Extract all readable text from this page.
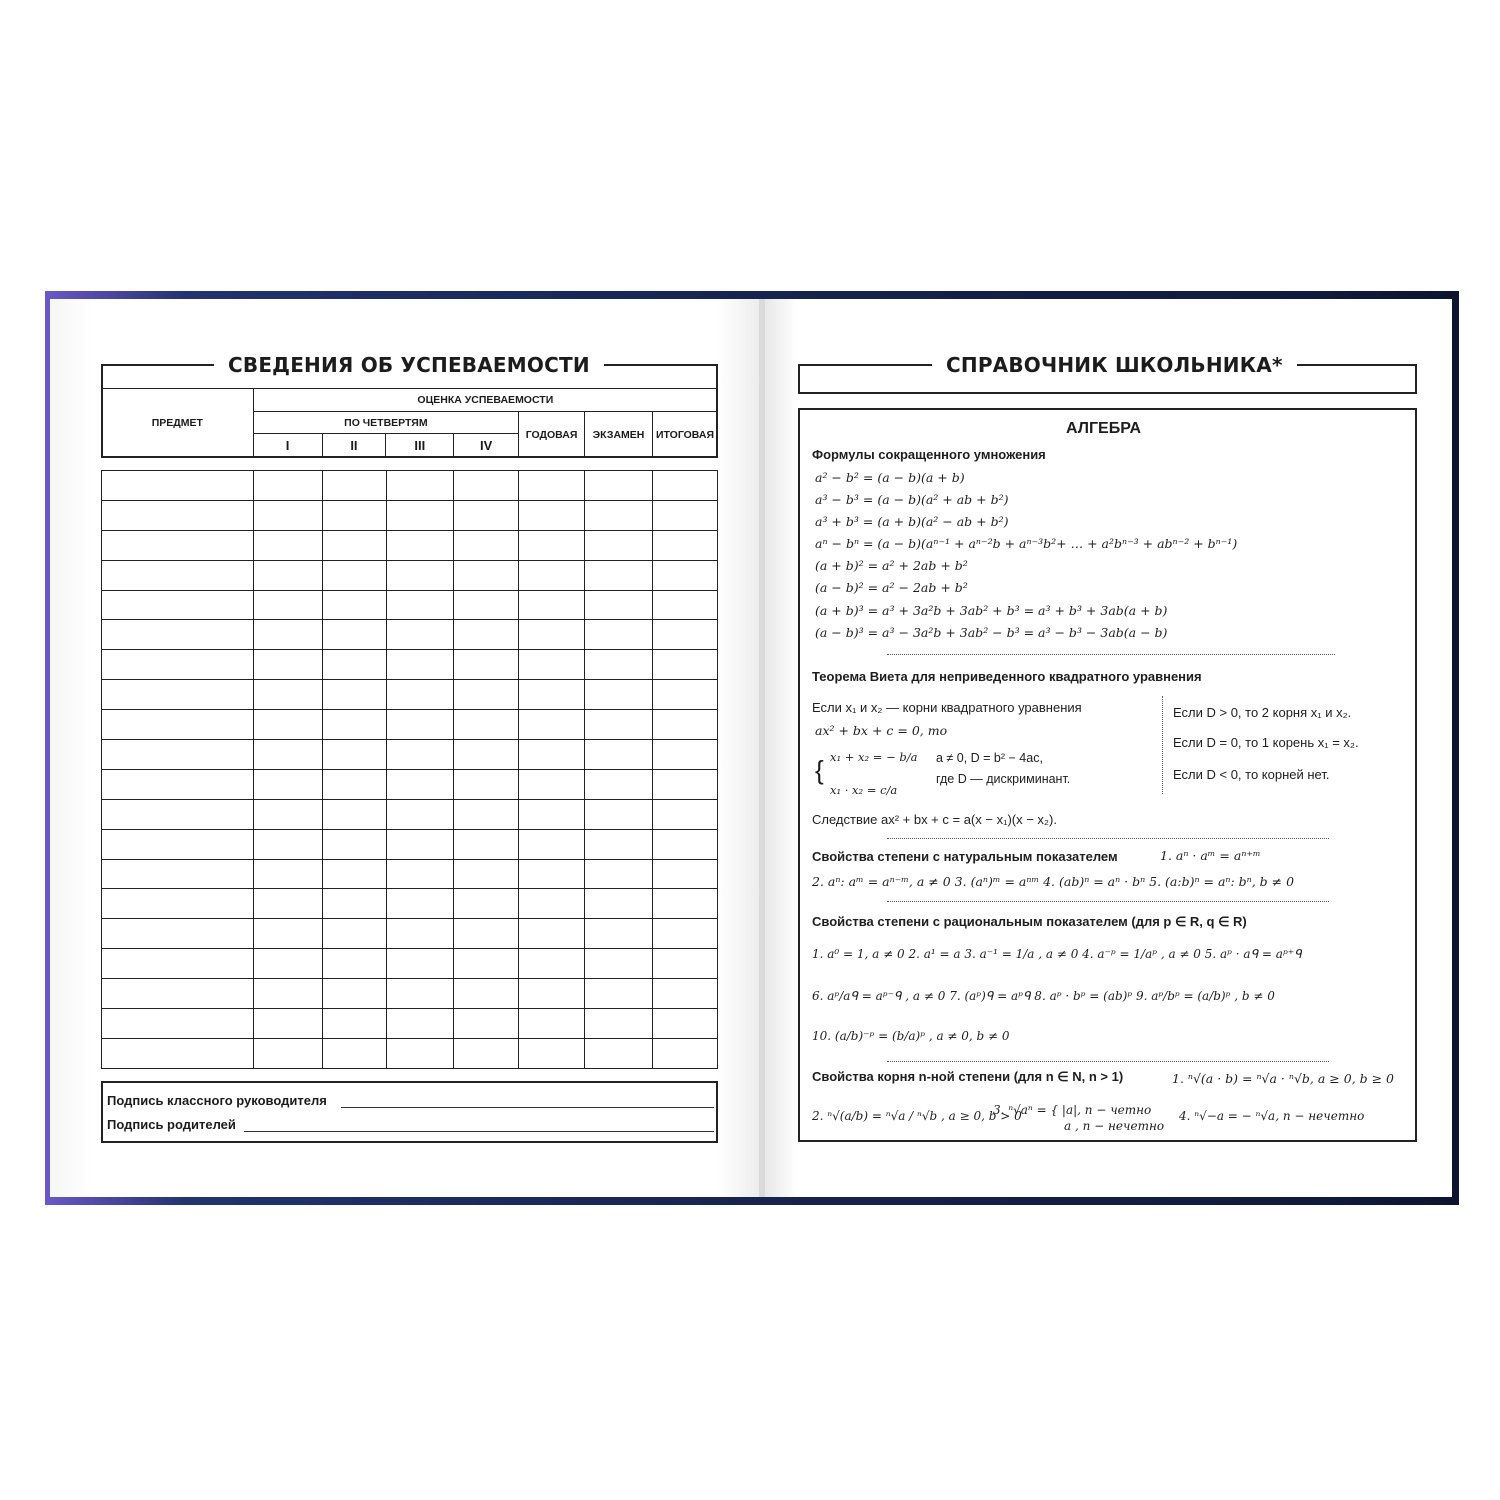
СВЕДЕНИЯ ОБ УСПЕВАЕМОСТИ
ПРЕДМЕТ	ОЦЕНКА УСПЕВАЕМОСТИ						
	ПО ЧЕТВЕРТЯМ				ГОДОВАЯ	ЭКЗАМЕН	ИТОГОВАЯ
	I	II	III	IV			

Подпись классного руководителя
Подпись родителей
СПРАВОЧНИК ШКОЛЬНИКА*
АЛГЕБРА
Формулы сокращенного умножения
a² − b² = (a − b)(a + b)
a³ − b³ = (a − b)(a² + ab + b²)
a³ + b³ = (a + b)(a² − ab + b²)
aⁿ − bⁿ = (a − b)(aⁿ⁻¹ + aⁿ⁻²b + aⁿ⁻³b²+ … + a²bⁿ⁻³ + abⁿ⁻² + bⁿ⁻¹)
(a + b)² = a² + 2ab + b²
(a − b)² = a² − 2ab + b²
(a + b)³ = a³ + 3a²b + 3ab² + b³ = a³ + b³ + 3ab(a + b)
(a − b)³ = a³ − 3a²b + 3ab² − b³ = a³ − b³ − 3ab(a − b)
Теорема Виета для неприведенного квадратного уравнения
Если x₁ и x₂ — корни квадратного уравнения
ax² + bx + c = 0, то
{ x₁ + x₂ = − b/a
x₁ · x₂ = c/a
a ≠ 0, D = b² − 4ac,
где D — дискриминант.
Если D > 0, то 2 корня x₁ и x₂.
Если D = 0, то 1 корень x₁ = x₂.
Если D < 0, то корней нет.
Следствие ax² + bx + c = a(x − x₁)(x − x₂).
Свойства степени с натуральным показателем	1. aⁿ · aᵐ = aⁿ⁺ᵐ
2. aⁿ: aᵐ = aⁿ⁻ᵐ, a ≠ 0 3. (aⁿ)ᵐ = aⁿᵐ 4. (ab)ⁿ = aⁿ · bⁿ 5. (a:b)ⁿ = aⁿ: bⁿ, b ≠ 0
Свойства степени с рациональным показателем (для p ∈ R, q ∈ R)
1. a⁰ = 1, a ≠ 0 2. a¹ = a 3. a⁻¹ = 1/a , a ≠ 0 4. a⁻ᵖ = 1/aᵖ , a ≠ 0 5. aᵖ · aᑫ = aᵖ⁺ᑫ
6. aᵖ/aᑫ = aᵖ⁻ᑫ , a ≠ 0 7. (aᵖ)ᑫ = aᵖᑫ 8. aᵖ · bᵖ = (ab)ᵖ 9. aᵖ/bᵖ = (a/b)ᵖ , b ≠ 0
10. (a/b)⁻ᵖ = (b/a)ᵖ , a ≠ 0, b ≠ 0
Свойства корня n-ной степени (для n ∈ N, n > 1)	1. ⁿ√(a · b) = ⁿ√a · ⁿ√b, a ≥ 0, b ≥ 0
2. ⁿ√(a/b) = ⁿ√a / ⁿ√b , a ≥ 0, b > 0
3. ⁿ√aⁿ = { |a|, n − четно
a , n − нечетно
4. ⁿ√−a = − ⁿ√a, n − нечетно
